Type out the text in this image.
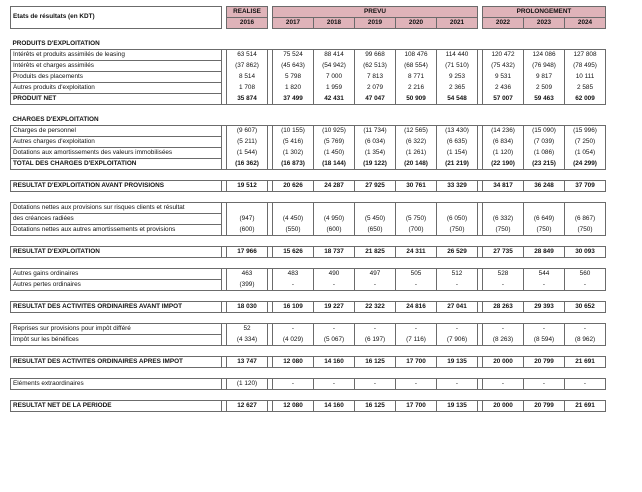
Etats de résultats (en KDT)		REALISE		PREVU						PROLONGEMENT		
		2016		2017	2018	2019	2020	2021		2022	2023	2024

PRODUITS D'EXPLOITATION												
Intérêts et produits assimilés de leasing		63 514		75 524	88 414	99 668	108 476	114 440		120 472	124 086	127 808
Intérêts et charges assimilés		(37 862)		(45 643)	(54 942)	(62 513)	(68 554)	(71 510)		(75 432)	(76 948)	(78 495)
Produits des placements		8 514		5 798	7 000	7 813	8 771	9 253		9 531	9 817	10 111
Autres produits d'exploitation		1 708		1 820	1 959	2 079	2 216	2 365		2 436	2 509	2 585
PRODUIT NET		35 874		37 499	42 431	47 047	50 909	54 548		57 007	59 463	62 009

CHARGES D'EXPLOITATION												
Charges de personnel		(9 607)		(10 155)	(10 925)	(11 734)	(12 565)	(13 430)		(14 236)	(15 090)	(15 996)
Autres charges d'exploitation		(5 211)		(5 416)	(5 769)	(6 034)	(6 322)	(6 635)		(6 834)	(7 039)	(7 250)
Dotations aux amortissements des valeurs immobilisées		(1 544)		(1 302)	(1 450)	(1 354)	(1 261)	(1 154)		(1 120)	(1 086)	(1 054)
TOTAL DES CHARGES D'EXPLOITATION		(16 362)		(16 873)	(18 144)	(19 122)	(20 148)	(21 219)		(22 190)	(23 215)	(24 299)

RESULTAT D'EXPLOITATION AVANT PROVISIONS		19 512		20 626	24 287	27 925	30 761	33 329		34 817	36 248	37 709

Dotations nettes aux provisions sur risques clients et résultat												
des créances radiées		(947)		(4 450)	(4 950)	(5 450)	(5 750)	(6 050)		(6 332)	(6 649)	(6 867)
Dotations nettes aux autres amortissements et provisions		(600)		(550)	(600)	(650)	(700)	(750)		(750)	(750)	(750)

RESULTAT D'EXPLOITATION		17 966		15 626	18 737	21 825	24 311	26 529		27 735	28 849	30 093

Autres gains ordinaires		463		483	490	497	505	512		528	544	560
Autres pertes ordinaires		(399)		-	-	-	-	-		-	-	-

RESULTAT DES ACTIVITES ORDINAIRES AVANT IMPOT		18 030		16 109	19 227	22 322	24 816	27 041		28 263	29 393	30 652

Reprises sur provisions pour impôt différé		52		-	-	-	-	-		-	-	-
Impôt sur les bénéfices		(4 334)		(4 029)	(5 067)	(6 197)	(7 116)	(7 906)		(8 263)	(8 594)	(8 962)

RESULTAT DES ACTIVITES ORDINAIRES APRES IMPOT		13 747		12 080	14 160	16 125	17 700	19 135		20 000	20 799	21 691

Eléments extraordinaires		(1 120)		-	-	-	-	-		-	-	-

RESULTAT NET DE LA PERIODE		12 627		12 080	14 160	16 125	17 700	19 135		20 000	20 799	21 691
